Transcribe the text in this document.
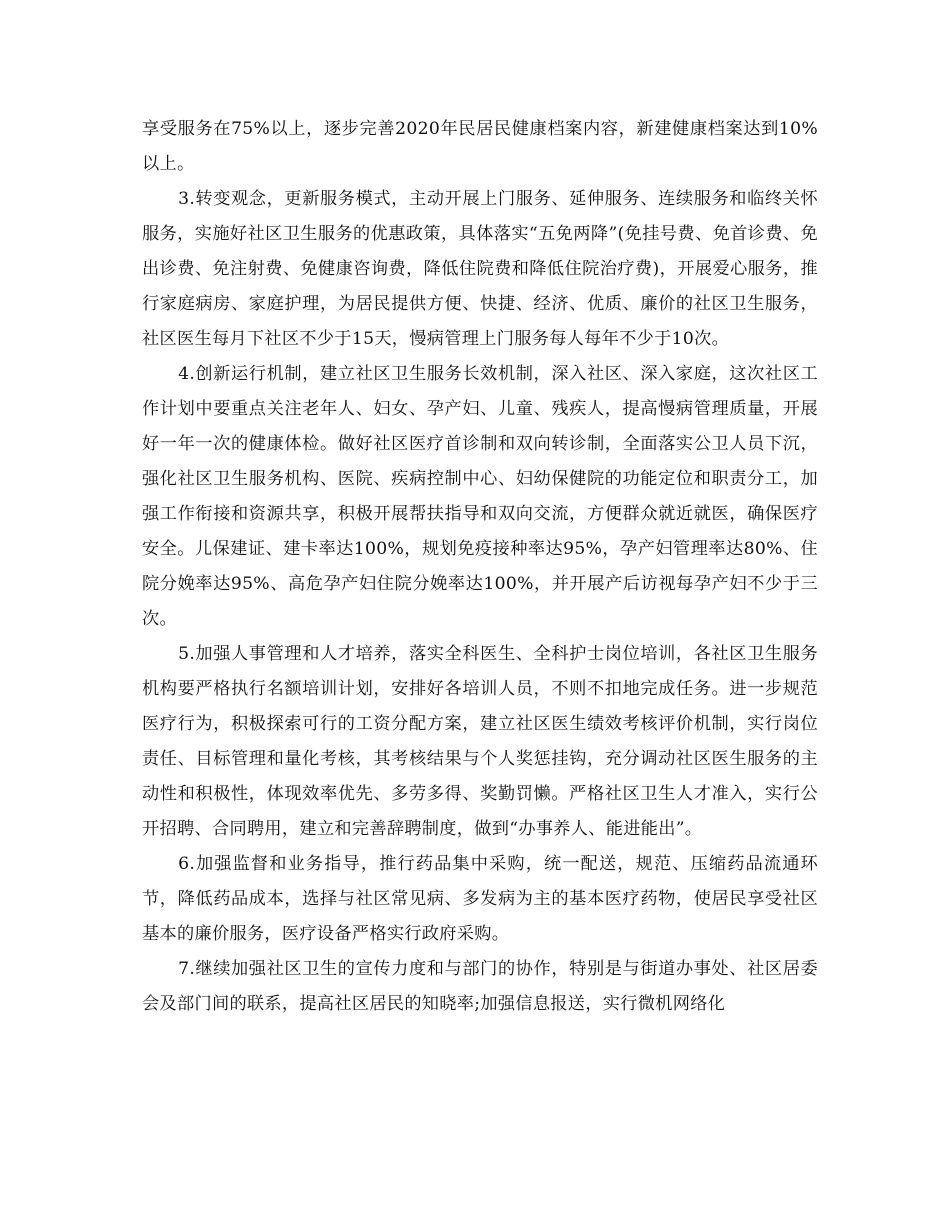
享受服务在75%以上，逐步完善2020年民居民健康档案内容，新建健康档案达到10%以上。

3.转变观念，更新服务模式，主动开展上门服务、延伸服务、连续服务和临终关怀服务，实施好社区卫生服务的优惠政策，具体落实“五免两降”(免挂号费、免首诊费、免出诊费、免注射费、免健康咨询费，降低住院费和降低住院治疗费)，开展爱心服务，推行家庭病房、家庭护理，为居民提供方便、快捷、经济、优质、廉价的社区卫生服务，社区医生每月下社区不少于15天，慢病管理上门服务每人每年不少于10次。

4.创新运行机制，建立社区卫生服务长效机制，深入社区、深入家庭，这次社区工作计划中要重点关注老年人、妇女、孕产妇、儿童、残疾人，提高慢病管理质量，开展好一年一次的健康体检。做好社区医疗首诊制和双向转诊制，全面落实公卫人员下沉，强化社区卫生服务机构、医院、疾病控制中心、妇幼保健院的功能定位和职责分工，加强工作衔接和资源共享，积极开展帮扶指导和双向交流，方便群众就近就医，确保医疗安全。儿保建证、建卡率达100%，规划免疫接种率达95%，孕产妇管理率达80%、住院分娩率达95%、高危孕产妇住院分娩率达100%，并开展产后访视每孕产妇不少于三次。

5.加强人事管理和人才培养，落实全科医生、全科护士岗位培训，各社区卫生服务机构要严格执行名额培训计划，安排好各培训人员，不则不扣地完成任务。进一步规范医疗行为，积极探索可行的工资分配方案，建立社区医生绩效考核评价机制，实行岗位责任、目标管理和量化考核，其考核结果与个人奖惩挂钩，充分调动社区医生服务的主动性和积极性，体现效率优先、多劳多得、奖勤罚懒。严格社区卫生人才准入，实行公开招聘、合同聘用，建立和完善辞聘制度，做到“办事养人、能进能出”。

6.加强监督和业务指导，推行药品集中采购，统一配送，规范、压缩药品流通环节，降低药品成本，选择与社区常见病、多发病为主的基本医疗药物，使居民享受社区基本的廉价服务，医疗设备严格实行政府采购。

7.继续加强社区卫生的宣传力度和与部门的协作，特别是与街道办事处、社区居委会及部门间的联系，提高社区居民的知晓率;加强信息报送，实行微机网络化
